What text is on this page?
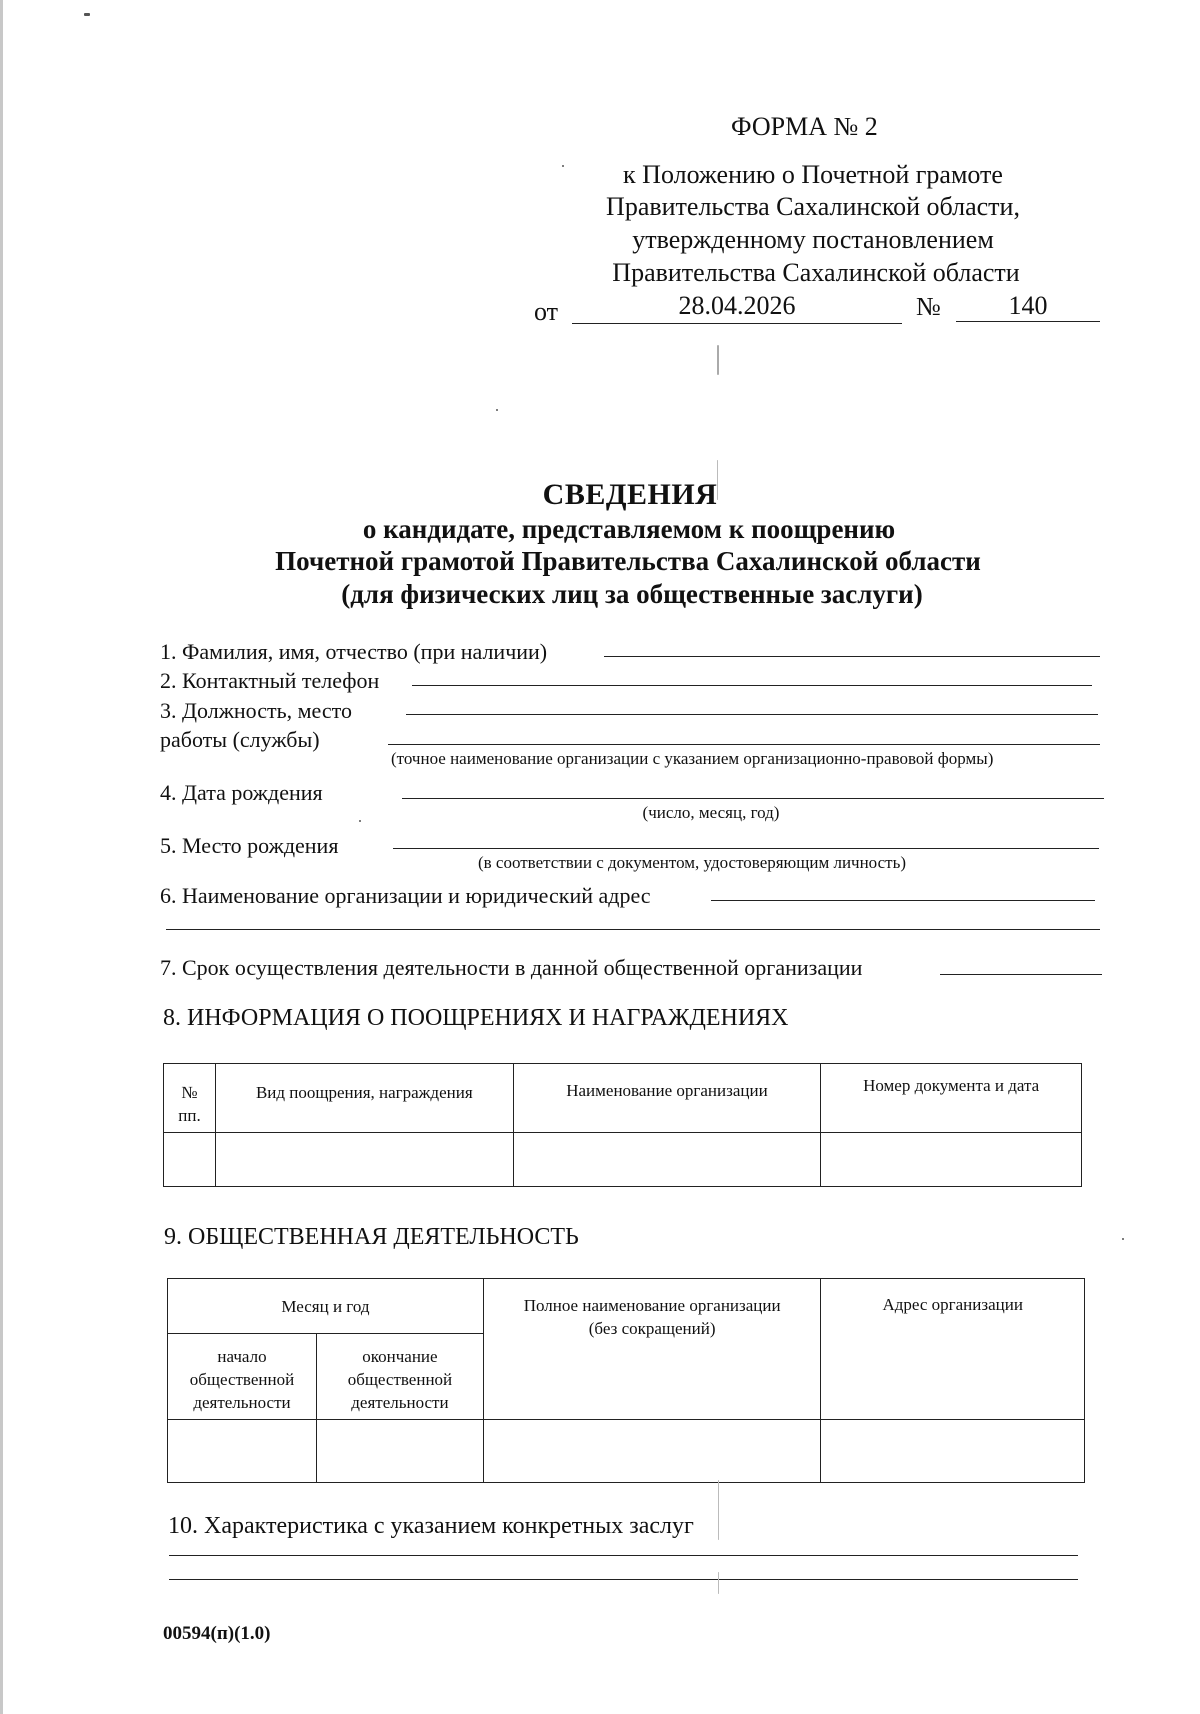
ФОРМА № 2
к Положению о Почетной грамоте
Правительства Сахалинской области,
утвержденному постановлением
Правительства Сахалинской области
от	28.04.2026	№	140
СВЕДЕНИЯ
о кандидате, представляемом к поощрению
Почетной грамотой Правительства Сахалинской области
(для физических лиц за общественные заслуги)
1. Фамилия, имя, отчество (при наличии)
2. Контактный телефон
3. Должность, место
работы (службы)
(точное наименование организации с указанием организационно-правовой формы)
4. Дата рождения
(число, месяц, год)
5. Место рождения
(в соответствии с документом, удостоверяющим личность)
6. Наименование организации и юридический адрес
7. Срок осуществления деятельности в данной общественной организации
8. ИНФОРМАЦИЯ О ПООЩРЕНИЯХ И НАГРАЖДЕНИЯХ
№ пп.	Вид поощрения, награждения	Наименование организации	Номер документа и дата

9. ОБЩЕСТВЕННАЯ ДЕЯТЕЛЬНОСТЬ
Месяц и год		Полное наименование организации (без сокращений)	Адрес организации

начало общественной деятельности	окончание общественной деятельности		

10. Характеристика с указанием конкретных заслуг
00594(п)(1.0)
